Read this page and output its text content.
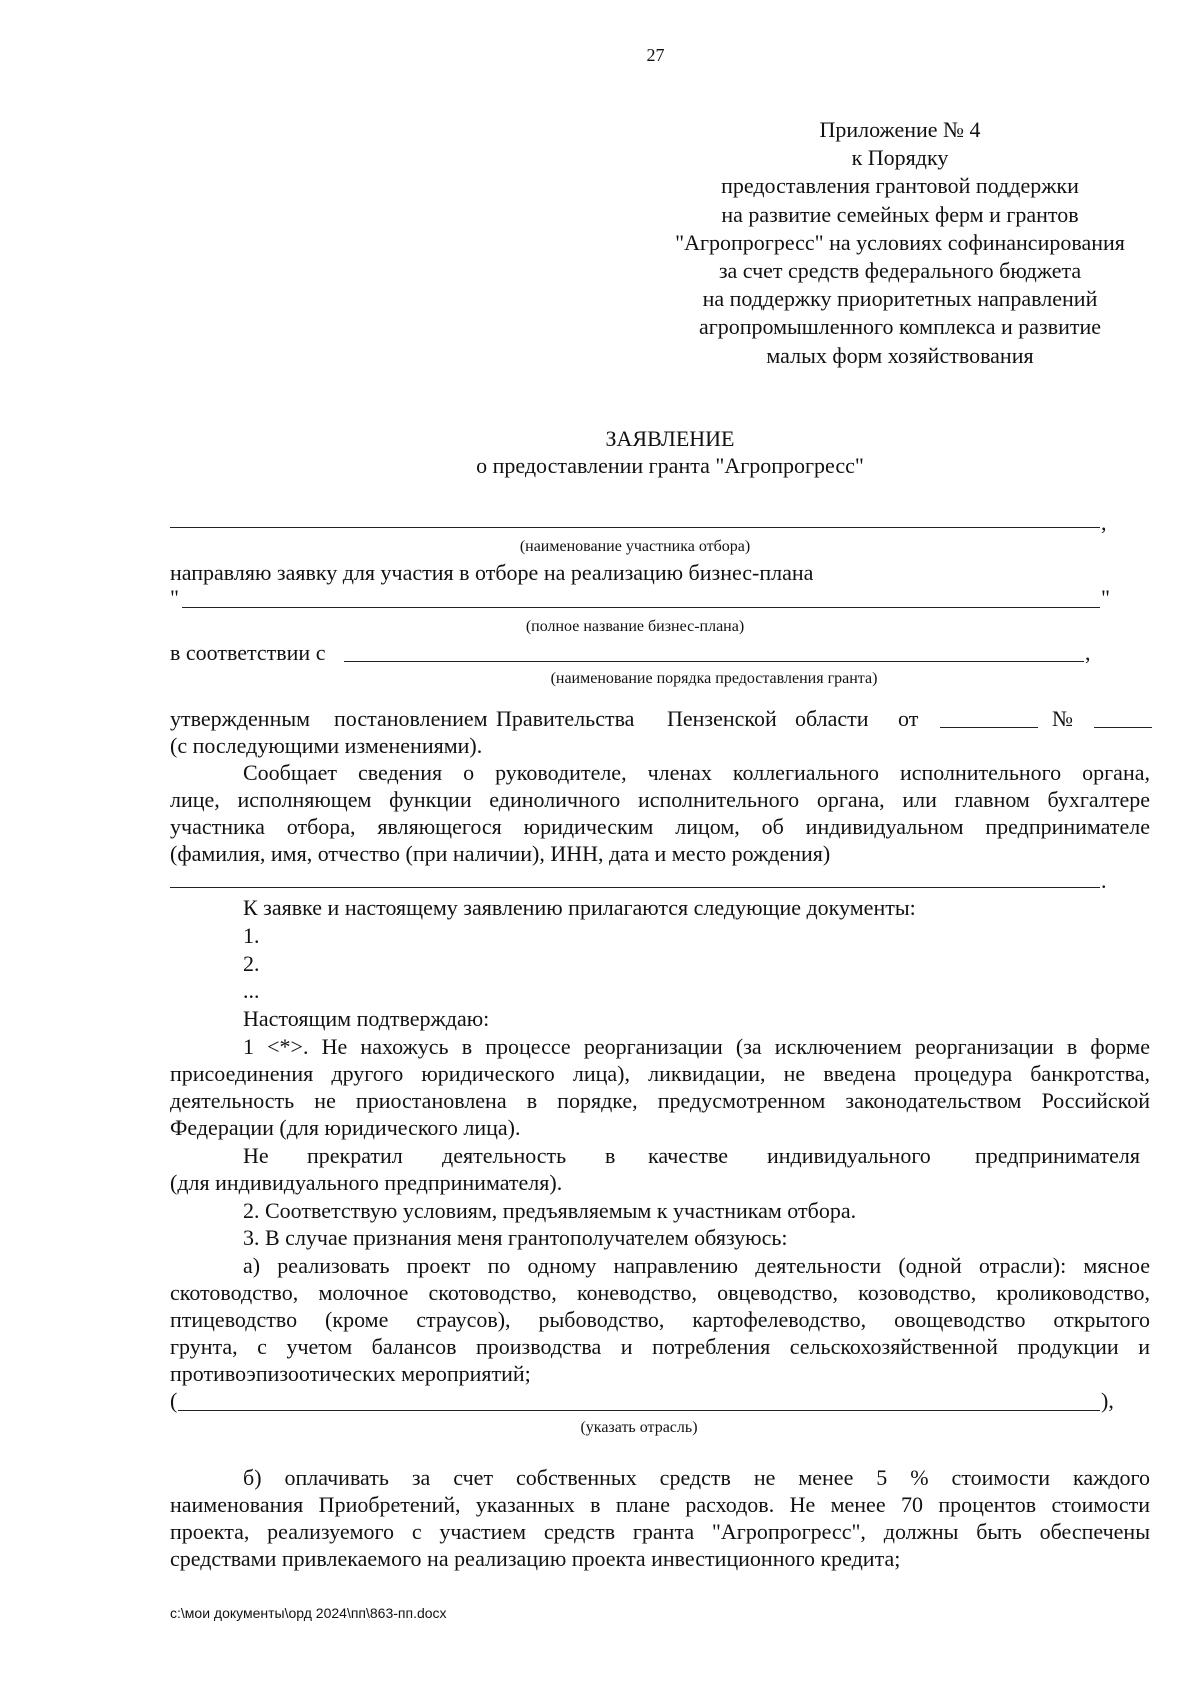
27
Приложение № 4
к Порядку
предоставления грантовой поддержки
на развитие семейных ферм и грантов
"Агропрогресс" на условиях софинансирования
за счет средств федерального бюджета
на поддержку приоритетных направлений
агропромышленного комплекса и развитие
малых форм хозяйствования
ЗАЯВЛЕНИЕ
о предоставлении гранта "Агропрогресс"
,
(наименование участника отбора)
направляю заявку для участия в отборе на реализацию бизнес-плана
"	"
(полное название бизнес-плана)
в соответствии с	,
(наименование порядка предоставления гранта)
утвержденным постановлением Правительства Пензенской области от	№
(с последующими изменениями).
Сообщает сведения о руководителе, членах коллегиального исполнительного органа,
лице, исполняющем функции единоличного исполнительного органа, или главном бухгалтере
участника отбора, являющегося юридическим лицом, об индивидуальном предпринимателе
(фамилия, имя, отчество (при наличии), ИНН, дата и место рождения)
.
К заявке и настоящему заявлению прилагаются следующие документы:
1.
2.
...
Настоящим подтверждаю:
1 <*>. Не нахожусь в процессе реорганизации (за исключением реорганизации в форме
присоединения другого юридического лица), ликвидации, не введена процедура банкротства,
деятельность не приостановлена в порядке, предусмотренном законодательством Российской
Федерации (для юридического лица).
Не прекратил деятельность в качестве индивидуального предпринимателя
(для индивидуального предпринимателя).
2. Соответствую условиям, предъявляемым к участникам отбора.
3. В случае признания меня грантополучателем обязуюсь:
а) реализовать проект по одному направлению деятельности (одной отрасли): мясное
скотоводство, молочное скотоводство, коневодство, овцеводство, козоводство, кролиководство,
птицеводство (кроме страусов), рыбоводство, картофелеводство, овощеводство открытого
грунта, с учетом балансов производства и потребления сельскохозяйственной продукции и
противоэпизоотических мероприятий;
(	),
(указать отрасль)
б) оплачивать за счет собственных средств не менее 5 % стоимости каждого
наименования Приобретений, указанных в плане расходов. Не менее 70 процентов стоимости
проекта, реализуемого с участием средств гранта "Агропрогресс", должны быть обеспечены
средствами привлекаемого на реализацию проекта инвестиционного кредита;
c:\мои документы\орд 2024\пп\863-пп.docx
